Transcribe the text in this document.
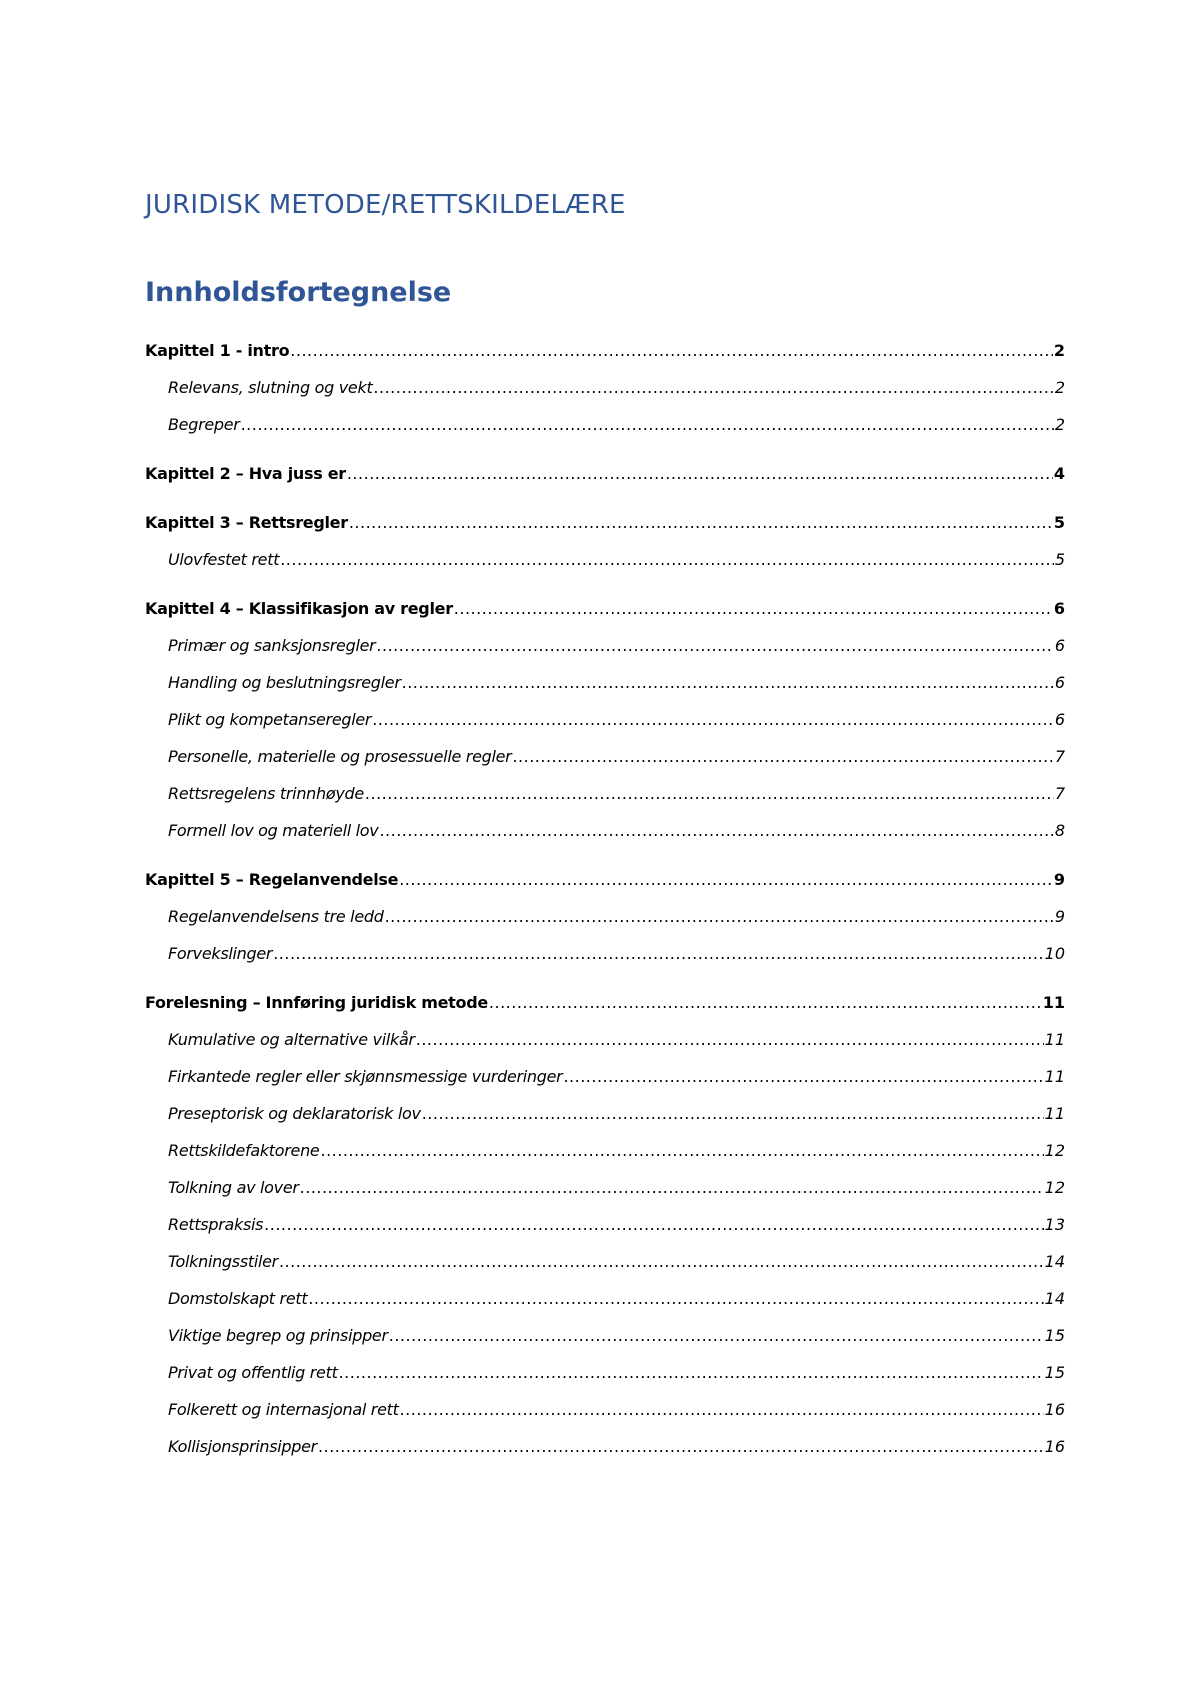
JURIDISK METODE/RETTSKILDELÆRE
Innholdsfortegnelse
Kapittel 1 - intro .....	2
Relevans, slutning og vekt .....	2
Begreper .....	2
Kapittel 2 – Hva juss er .....	4
Kapittel 3 – Rettsregler .....	5
Ulovfestet rett .....	5
Kapittel 4 – Klassifikasjon av regler .....	6
Primær og sanksjonsregler .....	6
Handling og beslutningsregler .....	6
Plikt og kompetanseregler .....	6
Personelle, materielle og prosessuelle regler .....	7
Rettsregelens trinnhøyde .....	7
Formell lov og materiell lov .....	8
Kapittel 5 – Regelanvendelse .....	9
Regelanvendelsens tre ledd .....	9
Forvekslinger .....	10
Forelesning – Innføring juridisk metode .....	11
Kumulative og alternative vilkår .....	11
Firkantede regler eller skjønnsmessige vurderinger .....	11
Preseptorisk og deklaratorisk lov .....	11
Rettskildefaktorene .....	12
Tolkning av lover .....	12
Rettspraksis .....	13
Tolkningsstiler .....	14
Domstolskapt rett .....	14
Viktige begrep og prinsipper .....	15
Privat og offentlig rett .....	15
Folkerett og internasjonal rett .....	16
Kollisjonsprinsipper .....	16
